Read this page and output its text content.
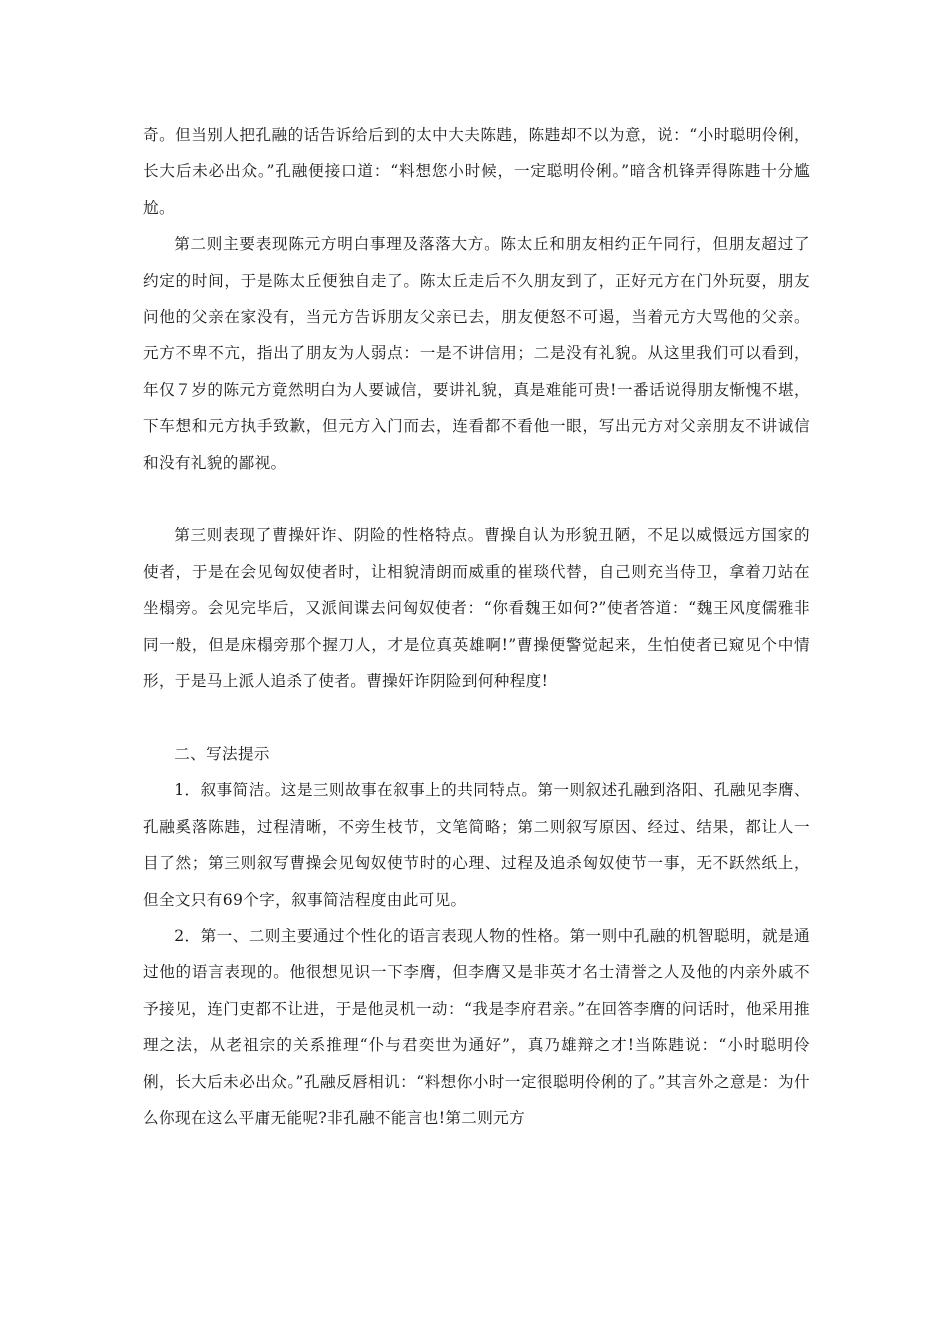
奇。但当别人把孔融的话告诉给后到的太中大夫陈韪，陈韪却不以为意，说：“小时聪明伶俐，长大后未必出众。”孔融便接口道：“料想您小时候，一定聪明伶俐。”暗含机锋弄得陈韪十分尴尬。

第二则主要表现陈元方明白事理及落落大方。陈太丘和朋友相约正午同行，但朋友超过了约定的时间，于是陈太丘便独自走了。陈太丘走后不久朋友到了，正好元方在门外玩耍，朋友问他的父亲在家没有，当元方告诉朋友父亲已去，朋友便怒不可遏，当着元方大骂他的父亲。元方不卑不亢，指出了朋友为人弱点：一是不讲信用；二是没有礼貌。从这里我们可以看到，年仅７岁的陈元方竟然明白为人要诚信，要讲礼貌，真是难能可贵!一番话说得朋友惭愧不堪，下车想和元方执手致歉，但元方入门而去，连看都不看他一眼，写出元方对父亲朋友不讲诚信和没有礼貌的鄙视。

第三则表现了曹操奸诈、阴险的性格特点。曹操自认为形貌丑陋，不足以威慑远方国家的使者，于是在会见匈奴使者时，让相貌清朗而威重的崔琰代替，自己则充当侍卫，拿着刀站在坐榻旁。会见完毕后，又派间谍去问匈奴使者：“你看魏王如何?”使者答道：“魏王风度儒雅非同一般，但是床榻旁那个握刀人，才是位真英雄啊!”曹操便警觉起来，生怕使者已窥见个中情形，于是马上派人追杀了使者。曹操奸诈阴险到何种程度!

二、写法提示

1．叙事简洁。这是三则故事在叙事上的共同特点。第一则叙述孔融到洛阳、孔融见李膺、孔融奚落陈韪，过程清晰，不旁生枝节，文笔简略；第二则叙写原因、经过、结果，都让人一目了然；第三则叙写曹操会见匈奴使节时的心理、过程及追杀匈奴使节一事，无不跃然纸上，但全文只有69个字，叙事简洁程度由此可见。

2．第一、二则主要通过个性化的语言表现人物的性格。第一则中孔融的机智聪明，就是通过他的语言表现的。他很想见识一下李膺，但李膺又是非英才名士清誉之人及他的内亲外戚不予接见，连门吏都不让进，于是他灵机一动：“我是李府君亲。”在回答李膺的问话时，他采用推理之法，从老祖宗的关系推理“仆与君奕世为通好”，真乃雄辩之才!当陈韪说：“小时聪明伶俐，长大后未必出众。”孔融反唇相讥：“料想你小时一定很聪明伶俐的了。”其言外之意是：为什么你现在这么平庸无能呢?非孔融不能言也!第二则元方
